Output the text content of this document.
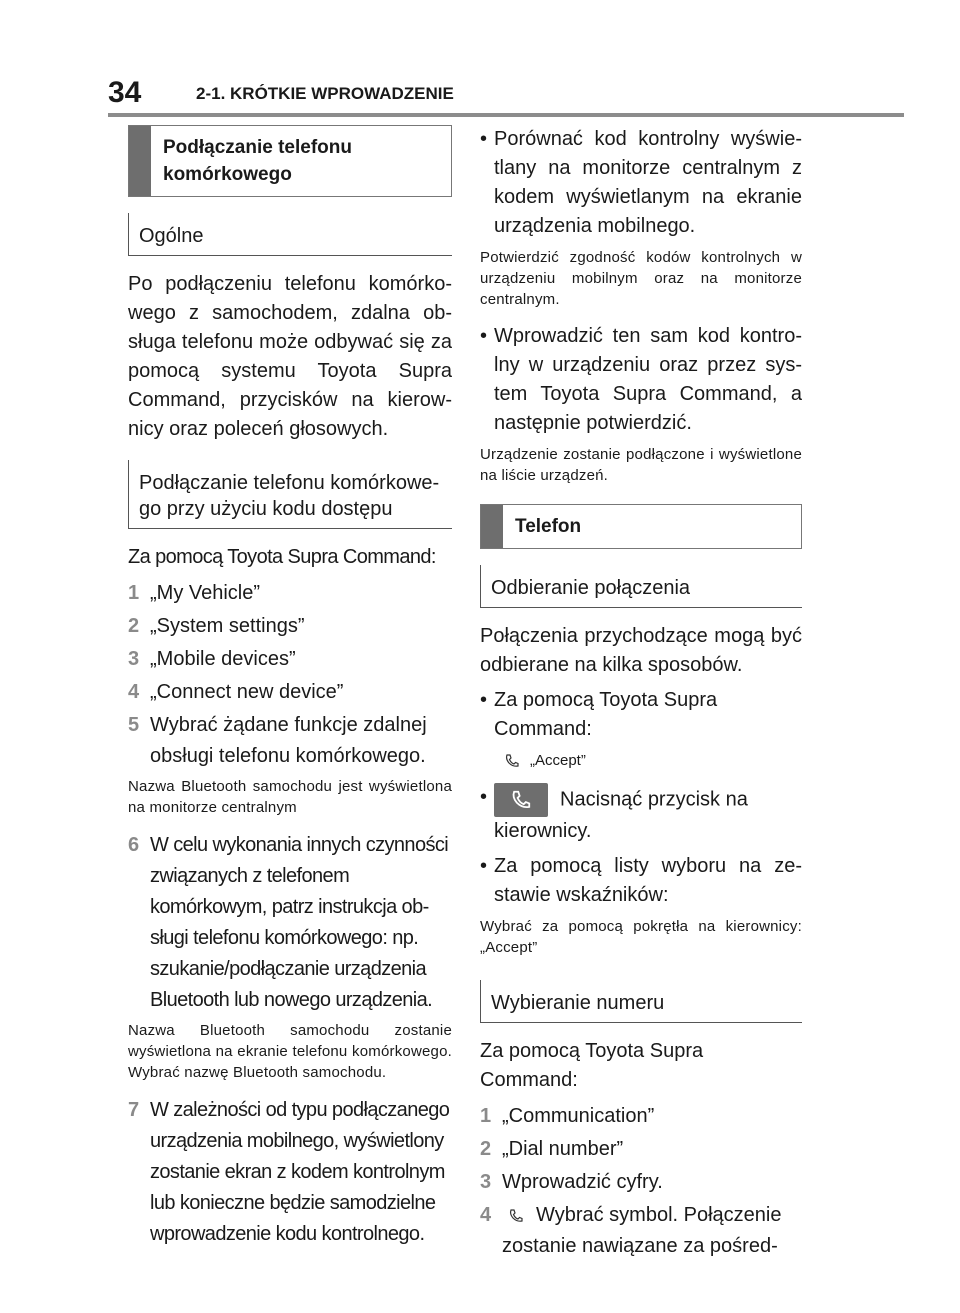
34	2-1. KRÓTKIE WPROWADZENIE
Podłączanie telefonu komórkowego
Ogólne

Po podłączeniu telefonu komórkowego z samochodem, zdalna obsługa telefonu może odbywać się za pomocą systemu Toyota Supra Command, przycisków na kierownicy oraz poleceń głosowych.

Podłączanie telefonu komórkowego przy użyciu kodu dostępu

Za pomocą Toyota Supra Command:

1 „My Vehicle”
2 „System settings”
3 „Mobile devices”
4 „Connect new device”
5 Wybrać żądane funkcje zdalnej obsługi telefonu komórkowego.

Nazwa Bluetooth samochodu jest wyświetlona na monitorze centralnym

6 W celu wykonania innych czynności związanych z telefonem komórkowym, patrz instrukcja obsługi telefonu komórkowego: np. szukanie/podłączanie urządzenia Bluetooth lub nowego urządzenia.

Nazwa Bluetooth samochodu zostanie wyświetlona na ekranie telefonu komórkowego. Wybrać nazwę Bluetooth samochodu.

7 W zależności od typu podłączanego urządzenia mobilnego, wyświetlony zostanie ekran z kodem kontrolnym lub konieczne będzie samodzielne wprowadzenie kodu kontrolnego.
• Porównać kod kontrolny wyświetlany na monitorze centralnym z kodem wyświetlanym na ekranie urządzenia mobilnego.

Potwierdzić zgodność kodów kontrolnych w urządzeniu mobilnym oraz na monitorze centralnym.

• Wprowadzić ten sam kod kontrolny w urządzeniu oraz przez system Toyota Supra Command, a następnie potwierdzić.

Urządzenie zostanie podłączone i wyświetlone na liście urządzeń.

Telefon
Odbieranie połączenia

Połączenia przychodzące mogą być odbierane na kilka sposobów.

• Za pomocą Toyota Supra Command:
„Accept”
•	Nacisnąć przycisk na kierownicy.
• Za pomocą listy wyboru na zestawie wskaźników:

Wybrać za pomocą pokrętła na kierownicy: „Accept”

Wybieranie numeru

Za pomocą Toyota Supra Command:

1 „Communication”
2 „Dial number”
3 Wprowadzić cyfry.
4	Wybrać symbol. Połączenie zostanie nawiązane za pośred-
